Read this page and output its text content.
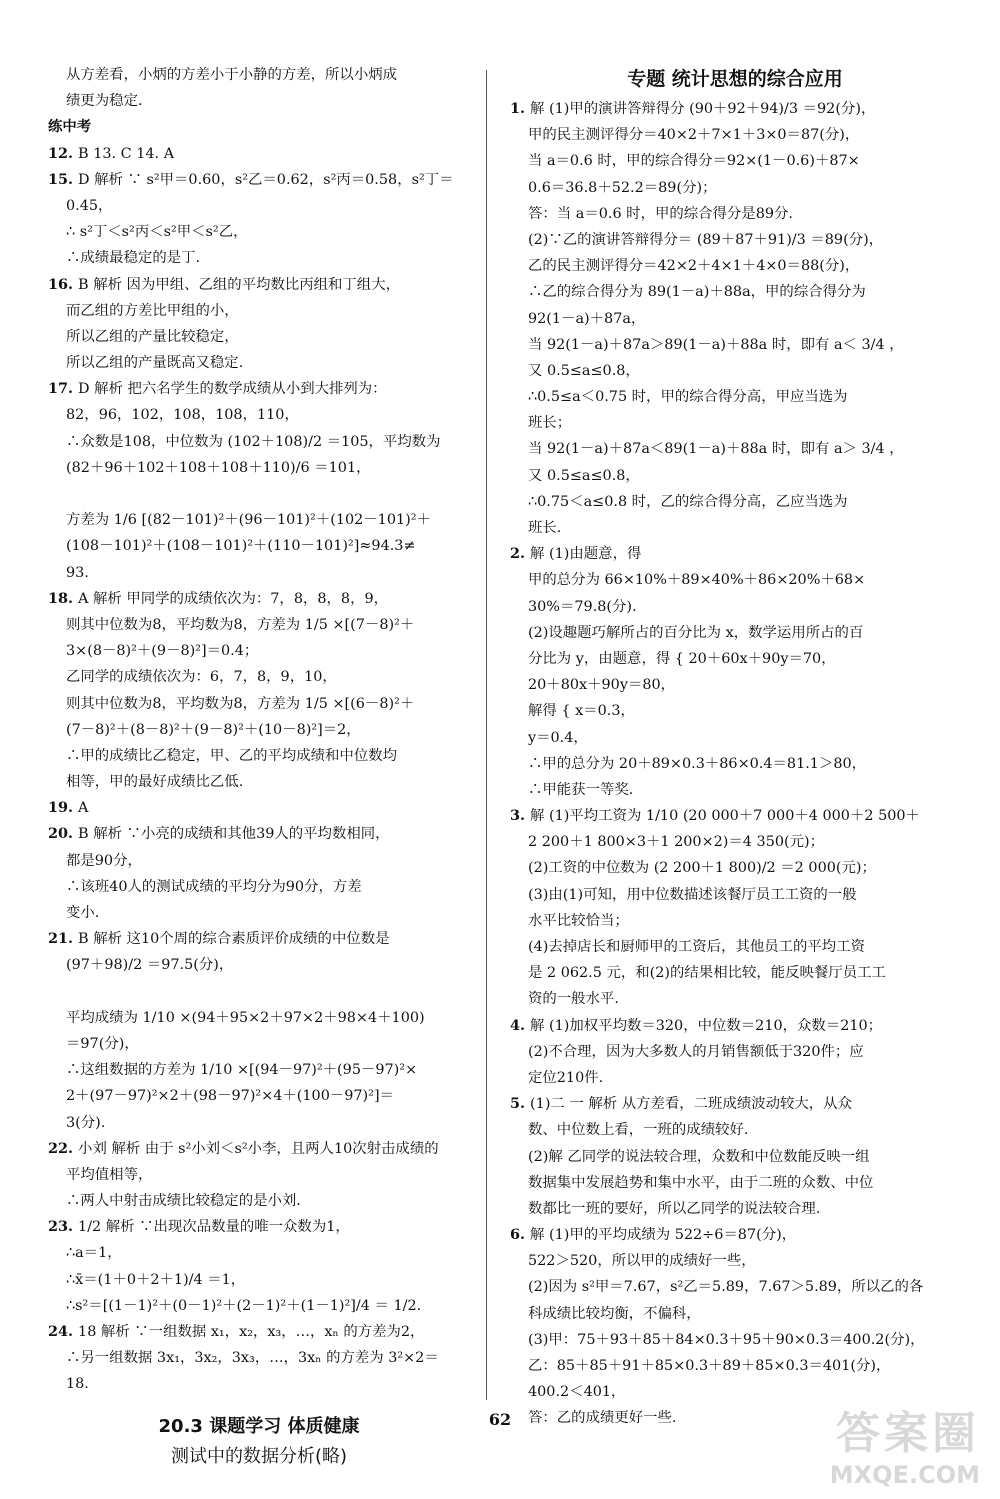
从方差看，小炳的方差小于小静的方差，所以小炳成
绩更为稳定.
练中考
12. B 13. C 14. A
15. D 解析 ∵ s²甲＝0.60，s²乙＝0.62，s²丙＝0.58，s²丁＝
0.45，
∴ s²丁＜s²丙＜s²甲＜s²乙，
∴成绩最稳定的是丁.
16. B 解析 因为甲组、乙组的平均数比丙组和丁组大，
而乙组的方差比甲组的小，
所以乙组的产量比较稳定，
所以乙组的产量既高又稳定.
17. D 解析 把六名学生的数学成绩从小到大排列为：
82，96，102，108，108，110，
∴众数是108，中位数为 (102＋108)/2 ＝105，平均数为
(82＋96＋102＋108＋108＋110)/6 ＝101，
方差为 1/6 [(82－101)²＋(96－101)²＋(102－101)²＋
(108－101)²＋(108－101)²＋(110－101)²]≈94.3≠
93.
18. A 解析 甲同学的成绩依次为：7，8，8，8，9，
则其中位数为8，平均数为8，方差为 1/5 ×[(7－8)²＋
3×(8－8)²＋(9－8)²]＝0.4；
乙同学的成绩依次为：6，7，8，9，10，
则其中位数为8，平均数为8，方差为 1/5 ×[(6－8)²＋
(7－8)²＋(8－8)²＋(9－8)²＋(10－8)²]＝2，
∴甲的成绩比乙稳定，甲、乙的平均成绩和中位数均
相等，甲的最好成绩比乙低.
19. A
20. B 解析 ∵小亮的成绩和其他39人的平均数相同，
都是90分，
∴该班40人的测试成绩的平均分为90分，方差
变小.
21. B 解析 这10个周的综合素质评价成绩的中位数是
(97＋98)/2 ＝97.5(分)，
平均成绩为 1/10 ×(94＋95×2＋97×2＋98×4＋100)
＝97(分)，
∴这组数据的方差为 1/10 ×[(94－97)²＋(95－97)²×
2＋(97－97)²×2＋(98－97)²×4＋(100－97)²]＝
3(分).
22. 小刘 解析 由于 s²小刘＜s²小李，且两人10次射击成绩的
平均值相等，
∴两人中射击成绩比较稳定的是小刘.
23. 1/2 解析 ∵出现次品数量的唯一众数为1，
∴a＝1，
∴x̄＝(1＋0＋2＋1)/4 ＝1，
∴s²＝[(1－1)²＋(0－1)²＋(2－1)²＋(1－1)²]/4 ＝ 1/2.
24. 18 解析 ∵一组数据 x₁，x₂，x₃，…，xₙ 的方差为2，
∴另一组数据 3x₁，3x₂，3x₃，…，3xₙ 的方差为 3²×2＝
18.
20.3 课题学习 体质健康
测试中的数据分析(略)
专题 统计思想的综合应用
1. 解 (1)甲的演讲答辩得分 (90＋92＋94)/3 ＝92(分)，
甲的民主测评得分＝40×2＋7×1＋3×0＝87(分)，
当 a＝0.6 时，甲的综合得分＝92×(1－0.6)＋87×
0.6＝36.8＋52.2＝89(分)；
答：当 a＝0.6 时，甲的综合得分是89分.
(2)∵乙的演讲答辩得分＝ (89＋87＋91)/3 ＝89(分)，
乙的民主测评得分＝42×2＋4×1＋4×0＝88(分)，
∴乙的综合得分为 89(1－a)＋88a，甲的综合得分为
92(1－a)＋87a，
当 92(1－a)＋87a＞89(1－a)＋88a 时，即有 a＜ 3/4 ，
又 0.5≤a≤0.8，
∴0.5≤a＜0.75 时，甲的综合得分高，甲应当选为
班长；
当 92(1－a)＋87a＜89(1－a)＋88a 时，即有 a＞ 3/4 ，
又 0.5≤a≤0.8，
∴0.75＜a≤0.8 时，乙的综合得分高，乙应当选为
班长.
2. 解 (1)由题意，得
甲的总分为 66×10%＋89×40%＋86×20%＋68×
30%＝79.8(分).
(2)设趣题巧解所占的百分比为 x，数学运用所占的百
分比为 y，由题意，得 { 20＋60x＋90y＝70，
20＋80x＋90y＝80，
解得 { x＝0.3，
y＝0.4，
∴甲的总分为 20＋89×0.3＋86×0.4＝81.1＞80，
∴甲能获一等奖.
3. 解 (1)平均工资为 1/10 (20 000＋7 000＋4 000＋2 500＋
2 200＋1 800×3＋1 200×2)＝4 350(元)；
(2)工资的中位数为 (2 200＋1 800)/2 ＝2 000(元)；
(3)由(1)可知，用中位数描述该餐厅员工工资的一般
水平比较恰当；
(4)去掉店长和厨师甲的工资后，其他员工的平均工资
是 2 062.5 元，和(2)的结果相比较，能反映餐厅员工工
资的一般水平.
4. 解 (1)加权平均数＝320，中位数＝210，众数＝210；
(2)不合理，因为大多数人的月销售额低于320件；应
定位210件.
5. (1)二 一 解析 从方差看，二班成绩波动较大，从众
数、中位数上看，一班的成绩较好.
(2)解 乙同学的说法较合理，众数和中位数能反映一组
数据集中发展趋势和集中水平，由于二班的众数、中位
数都比一班的要好，所以乙同学的说法较合理.
6. 解 (1)甲的平均成绩为 522÷6＝87(分)，
522＞520，所以甲的成绩好一些，
(2)因为 s²甲＝7.67，s²乙＝5.89，7.67＞5.89，所以乙的各
科成绩比较均衡，不偏科，
(3)甲：75＋93＋85＋84×0.3＋95＋90×0.3＝400.2(分)，
乙：85＋85＋91＋85×0.3＋89＋85×0.3＝401(分)，
400.2＜401，
答：乙的成绩更好一些.
62	答案圈
MXQE.COM
